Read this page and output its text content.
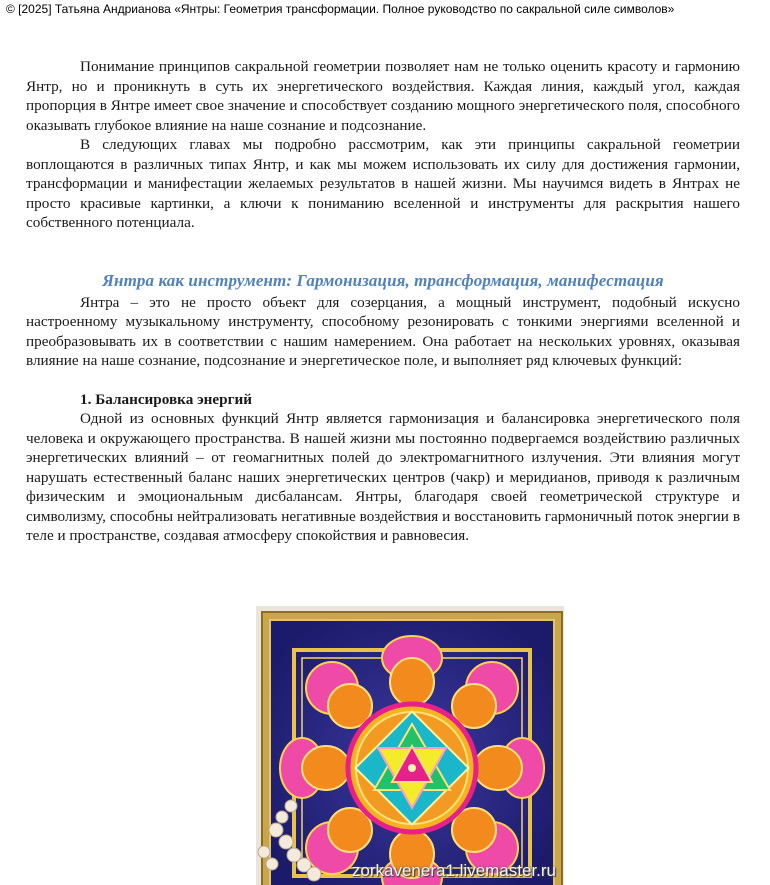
© [2025] Татьяна Андрианова «Янтры: Геометрия трансформации. Полное руководство по сакральной силе символов»

Понимание принципов сакральной геометрии позволяет нам не только оценить красоту и гармонию Янтр, но и проникнуть в суть их энергетического воздействия. Каждая линия, каждый угол, каждая пропорция в Янтре имеет свое значение и способствует созданию мощного энергетического поля, способного оказывать глубокое влияние на наше сознание и подсознание.

В следующих главах мы подробно рассмотрим, как эти принципы сакральной геометрии воплощаются в различных типах Янтр, и как мы можем использовать их силу для достижения гармонии, трансформации и манифестации желаемых результатов в нашей жизни. Мы научимся видеть в Янтрах не просто красивые картинки, а ключи к пониманию вселенной и инструменты для раскрытия нашего собственного потенциала.

Янтра как инструмент: Гармонизация, трансформация, манифестация

Янтра – это не просто объект для созерцания, а мощный инструмент, подобный искусно настроенному музыкальному инструменту, способному резонировать с тонкими энергиями вселенной и преобразовывать их в соответствии с нашим намерением. Она работает на нескольких уровнях, оказывая влияние на наше сознание, подсознание и энергетическое поле, и выполняет ряд ключевых функций:

1. Балансировка энергий

Одной из основных функций Янтр является гармонизация и балансировка энергетического поля человека и окружающего пространства. В нашей жизни мы постоянно подвергаемся воздействию различных энергетических влияний – от геомагнитных полей до электромагнитного излучения. Эти влияния могут нарушать естественный баланс наших энергетических центров (чакр) и меридианов, приводя к различным физическим и эмоциональным дисбалансам. Янтры, благодаря своей геометрической структуре и символизму, способны нейтрализовать негативные воздействия и восстановить гармоничный поток энергии в теле и пространстве, создавая атмосферу спокойствия и равновесия.

zorkavenera1.livemaster.ru
